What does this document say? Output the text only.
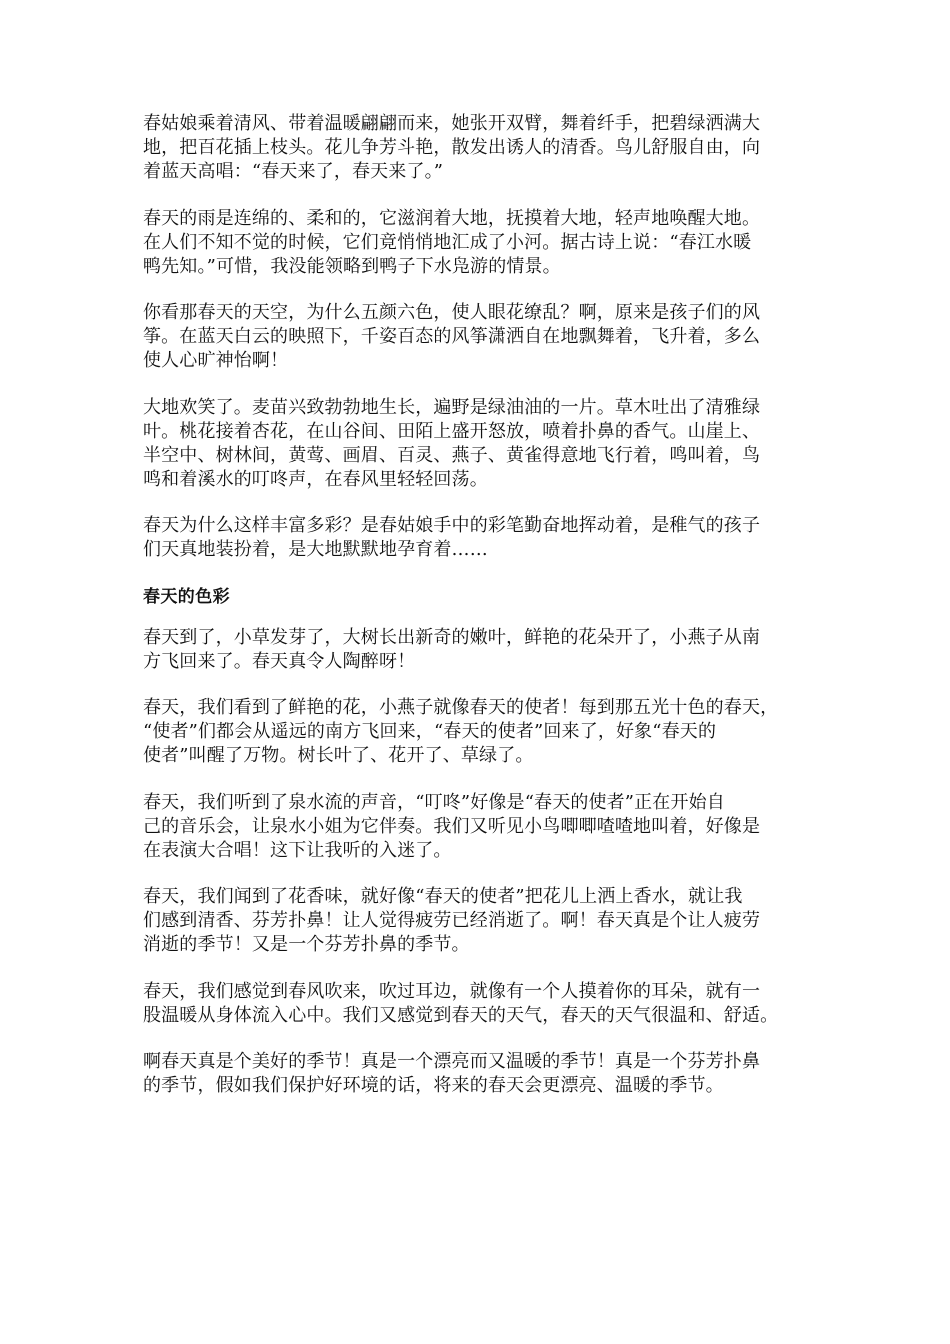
春姑娘乘着清风、带着温暖翩翩而来，她张开双臂，舞着纤手，把碧绿洒满大
地，把百花插上枝头。花儿争芳斗艳，散发出诱人的清香。鸟儿舒服自由，向
着蓝天高唱：“春天来了，春天来了。”

春天的雨是连绵的、柔和的，它滋润着大地，抚摸着大地，轻声地唤醒大地。
在人们不知不觉的时候，它们竟悄悄地汇成了小河。据古诗上说：“春江水暖
鸭先知。”可惜，我没能领略到鸭子下水凫游的情景。

你看那春天的天空，为什么五颜六色，使人眼花缭乱？啊，原来是孩子们的风
筝。在蓝天白云的映照下，千姿百态的风筝潇洒自在地飘舞着，飞升着，多么
使人心旷神怡啊！

大地欢笑了。麦苗兴致勃勃地生长，遍野是绿油油的一片。草木吐出了清雅绿
叶。桃花接着杏花，在山谷间、田陌上盛开怒放，喷着扑鼻的香气。山崖上、
半空中、树林间，黄莺、画眉、百灵、燕子、黄雀得意地飞行着，鸣叫着，鸟
鸣和着溪水的叮咚声，在春风里轻轻回荡。

春天为什么这样丰富多彩？是春姑娘手中的彩笔勤奋地挥动着，是稚气的孩子
们天真地装扮着，是大地默默地孕育着……

春天的色彩

春天到了，小草发芽了，大树长出新奇的嫩叶，鲜艳的花朵开了，小燕子从南
方飞回来了。春天真令人陶醉呀！

春天，我们看到了鲜艳的花，小燕子就像春天的使者！每到那五光十色的春天，
“使者”们都会从遥远的南方飞回来，“春天的使者”回来了，好象“春天的
使者”叫醒了万物。树长叶了、花开了、草绿了。

春天，我们听到了泉水流的声音，“叮咚”好像是“春天的使者”正在开始自
己的音乐会，让泉水小姐为它伴奏。我们又听见小鸟唧唧喳喳地叫着，好像是
在表演大合唱！这下让我听的入迷了。

春天，我们闻到了花香味，就好像“春天的使者”把花儿上洒上香水，就让我
们感到清香、芬芳扑鼻！让人觉得疲劳已经消逝了。啊！春天真是个让人疲劳
消逝的季节！又是一个芬芳扑鼻的季节。

春天，我们感觉到春风吹来，吹过耳边，就像有一个人摸着你的耳朵，就有一
股温暖从身体流入心中。我们又感觉到春天的天气，春天的天气很温和、舒适。

啊春天真是个美好的季节！真是一个漂亮而又温暖的季节！真是一个芬芳扑鼻
的季节，假如我们保护好环境的话，将来的春天会更漂亮、温暖的季节。
